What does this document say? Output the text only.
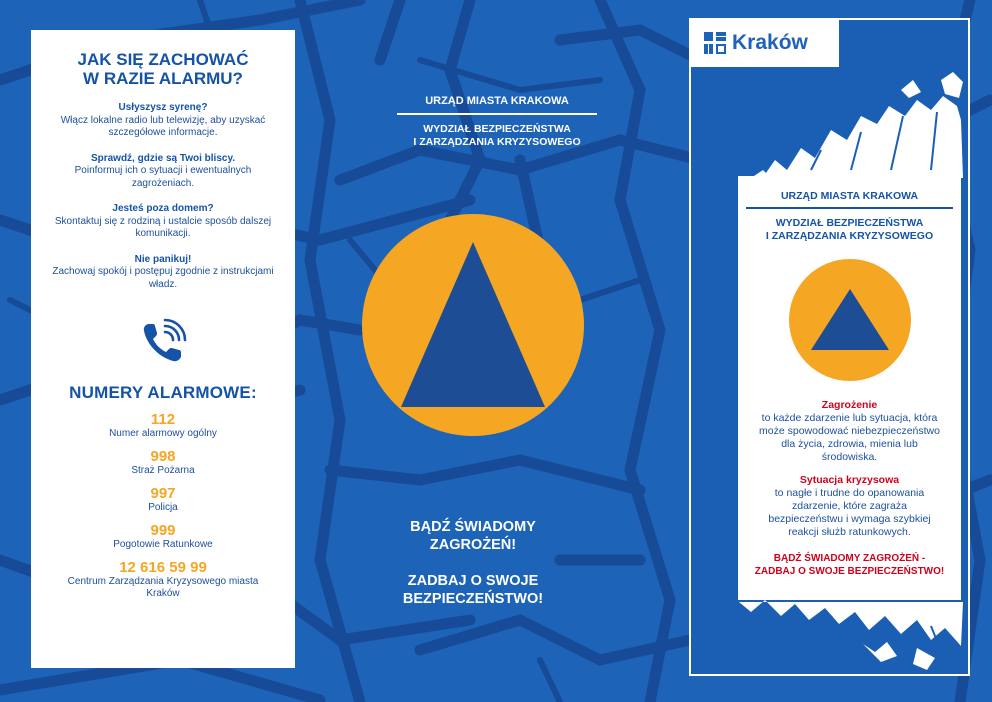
JAK SIĘ ZACHOWAĆ
W RAZIE ALARMU?
Usłyszysz syrenę?
Włącz lokalne radio lub telewizję, aby uzyskać szczegółowe informacje.
Sprawdź, gdzie są Twoi bliscy.
Poinformuj ich o sytuacji i ewentualnych zagrożeniach.
Jesteś poza domem?
Skontaktuj się z rodziną i ustalcie sposób dalszej komunikacji.
Nie panikuj!
Zachowaj spokój i postępuj zgodnie z instrukcjami władz.
NUMERY ALARMOWE:
112
Numer alarmowy ogólny
998
Straż Pożarna
997
Policja
999
Pogotowie Ratunkowe
12 616 59 99
Centrum Zarządzania Kryzysowego miasta Kraków
URZĄD MIASTA KRAKOWA
WYDZIAŁ BEZPIECZEŃSTWA
I ZARZĄDZANIA KRYZYSOWEGO
BĄDŹ ŚWIADOMY
ZAGROŻEŃ!
ZADBAJ O SWOJE
BEZPIECZEŃSTWO!
Kraków
URZĄD MIASTA KRAKOWA
WYDZIAŁ BEZPIECZEŃSTWA
I ZARZĄDZANIA KRYZYSOWEGO
Zagrożenie
to każde zdarzenie lub sytuacja, która może spowodować niebezpieczeństwo dla życia, zdrowia, mienia lub środowiska.
Sytuacja kryzysowa
to nagłe i trudne do opanowania zdarzenie, które zagraża bezpieczeństwu i wymaga szybkiej reakcji służb ratunkowych.
BĄDŹ ŚWIADOMY ZAGROŻEŃ -
ZADBAJ O SWOJE BEZPIECZEŃSTWO!
